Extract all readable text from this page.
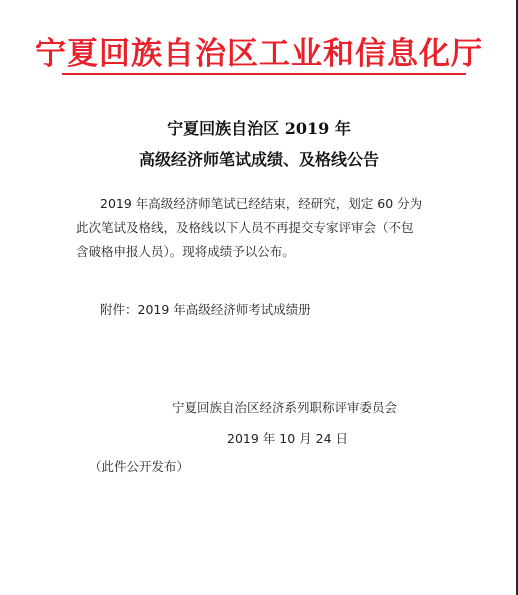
宁夏回族自治区工业和信息化厅
宁夏回族自治区 2019 年
高级经济师笔试成绩、及格线公告
2019 年高级经济师笔试已经结束，经研究，划定 60 分为
此次笔试及格线，及格线以下人员不再提交专家评审会（不包
含破格申报人员）。现将成绩予以公布。
附件：2019 年高级经济师考试成绩册
宁夏回族自治区经济系列职称评审委员会
2019 年 10 月 24 日
（此件公开发布）
